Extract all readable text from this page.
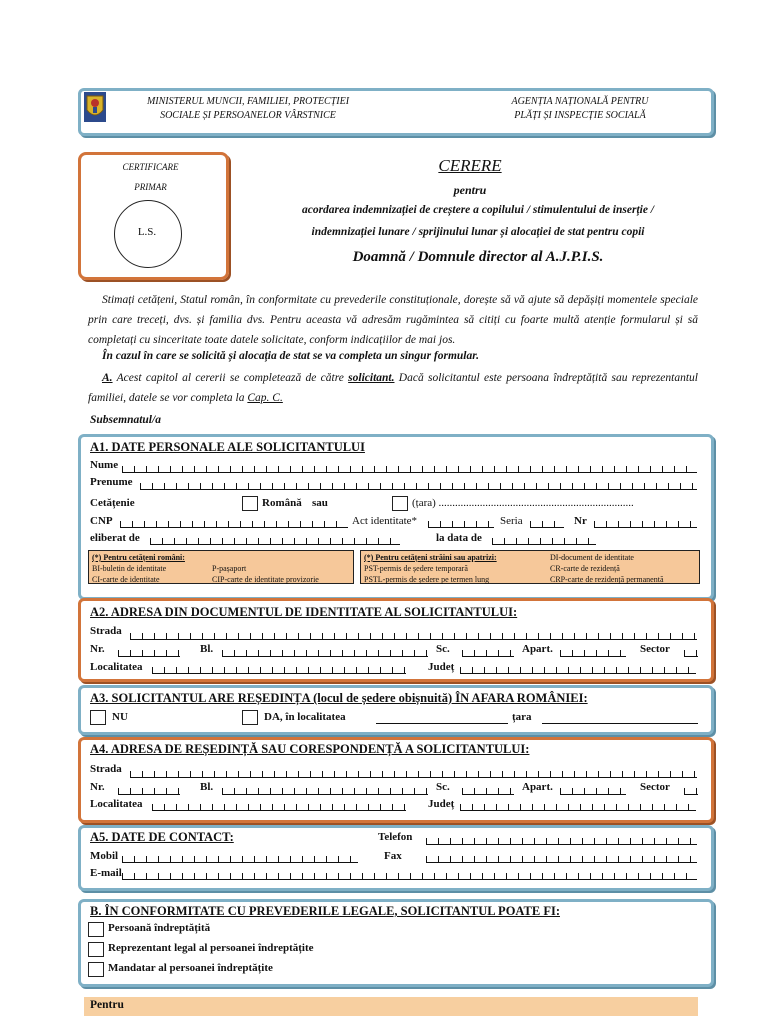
MINISTERUL MUNCII, FAMILIEI, PROTECȚIEI
SOCIALE ȘI PERSOANELOR VÂRSTNICE
AGENȚIA NAȚIONALĂ PENTRU
PLĂȚI ȘI INSPECȚIE SOCIALĂ
CERTIFICARE
PRIMAR
L.S.
CERERE
pentru
acordarea indemnizației de creștere a copilului / stimulentului de inserție /
indemnizației lunare / sprijinului lunar și alocației de stat pentru copii
Doamnă / Domnule director al A.J.P.I.S.
Stimați cetățeni, Statul român, în conformitate cu prevederile constituționale, dorește să vă ajute să depășiți momentele speciale prin care treceți, dvs. și familia dvs. Pentru aceasta vă adresăm rugămintea să citiți cu foarte multă atenție formularul și să completați cu sinceritate toate datele solicitate, conform indicațiilor de mai jos.
În cazul în care se solicită și alocația de stat se va completa un singur formular.
A. Acest capitol al cererii se completează de către solicitant. Dacă solicitantul este persoana îndreptățită sau reprezentantul familiei, datele se vor completa la Cap. C.
Subsemnatul/a
A1. DATE PERSONALE ALE SOLICITANTULUI
Nume
Prenume
Cetățenie	Română sau	(țara) .......................................................................
CNP	Act identitate*	Seria	Nr
eliberat de	la data de
(*) Pentru cetățeni români:
BI-buletin de identitate	P-pașaport
CI-carte de identitate	CIP-carte de identitate provizorie
(*) Pentru cetățeni străini sau apatrizi:	DI-document de identitate
PST-permis de ședere temporară	CR-carte de rezidență
PSTL-permis de ședere pe termen lung	CRP-carte de rezidență permanentă
A2. ADRESA DIN DOCUMENTUL DE IDENTITATE AL SOLICITANTULUI:
Strada
Nr.	Bl.	Sc.	Apart.	Sector
Localitatea	Județ
A3. SOLICITANTUL ARE REȘEDINȚA (locul de ședere obișnuită) ÎN AFARA ROMÂNIEI:
NU	DA, în localitatea	țara
A4. ADRESA DE REȘEDINȚĂ SAU CORESPONDENȚĂ A SOLICITANTULUI:
Strada
Nr.	Bl.	Sc.	Apart.	Sector
Localitatea	Județ
A5. DATE DE CONTACT:	Telefon
Mobil	Fax
E-mail
B. ÎN CONFORMITATE CU PREVEDERILE LEGALE, SOLICITANTUL POATE FI:
Persoană îndreptățită
Reprezentant legal al persoanei îndreptățite
Mandatar al persoanei îndreptățite
Pentru
